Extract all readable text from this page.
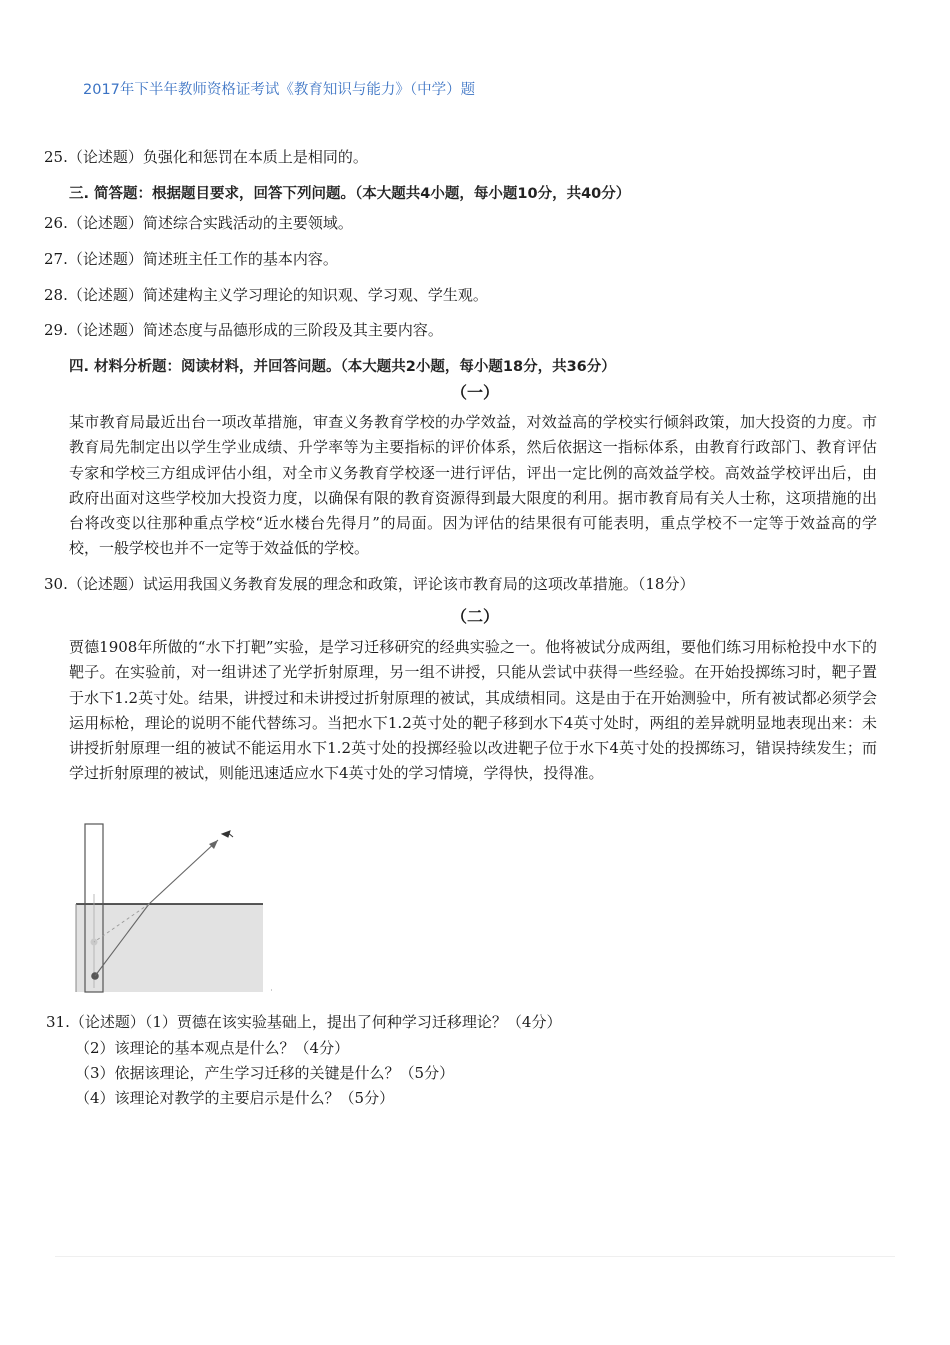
2017年下半年教师资格证考试《教育知识与能力》（中学）题
25.（论述题）负强化和惩罚在本质上是相同的。
三. 简答题：根据题目要求，回答下列问题。（本大题共4小题，每小题10分，共40分）
26.（论述题）简述综合实践活动的主要领域。
27.（论述题）简述班主任工作的基本内容。
28.（论述题）简述建构主义学习理论的知识观、学习观、学生观。
29.（论述题）简述态度与品德形成的三阶段及其主要内容。
四. 材料分析题：阅读材料，并回答问题。（本大题共2小题，每小题18分，共36分）
（一）

某市教育局最近出台一项改革措施，审查义务教育学校的办学效益，对效益高的学校实行倾斜政策，加大投资的力度。市教育局先制定出以学生学业成绩、升学率等为主要指标的评价体系，然后依据这一指标体系，由教育行政部门、教育评估专家和学校三方组成评估小组，对全市义务教育学校逐一进行评估，评出一定比例的高效益学校。高效益学校评出后，由政府出面对这些学校加大投资力度，以确保有限的教育资源得到最大限度的利用。据市教育局有关人士称，这项措施的出台将改变以往那种重点学校“近水楼台先得月”的局面。因为评估的结果很有可能表明，重点学校不一定等于效益高的学校，一般学校也并不一定等于效益低的学校。

30.（论述题）试运用我国义务教育发展的理念和政策，评论该市教育局的这项改革措施。（18分）
（二）

贾德1908年所做的“水下打靶”实验，是学习迁移研究的经典实验之一。他将被试分成两组，要他们练习用标枪投中水下的靶子。在实验前，对一组讲述了光学折射原理，另一组不讲授，只能从尝试中获得一些经验。在开始投掷练习时，靶子置于水下1.2英寸处。结果，讲授过和未讲授过折射原理的被试，其成绩相同。这是由于在开始测验中，所有被试都必须学会运用标枪，理论的说明不能代替练习。当把水下1.2英寸处的靶子移到水下4英寸处时，两组的差异就明显地表现出来：未讲授折射原理一组的被试不能运用水下1.2英寸处的投掷经验以改进靶子位于水下4英寸处的投掷练习，错误持续发生；而学过折射原理的被试，则能迅速适应水下4英寸处的学习情境，学得快，投得准。

31.（论述题）（1）贾德在该实验基础上，提出了何种学习迁移理论？（4分）
（2）该理论的基本观点是什么？（4分）
（3）依据该理论，产生学习迁移的关键是什么？（5分）
（4）该理论对教学的主要启示是什么？（5分）
